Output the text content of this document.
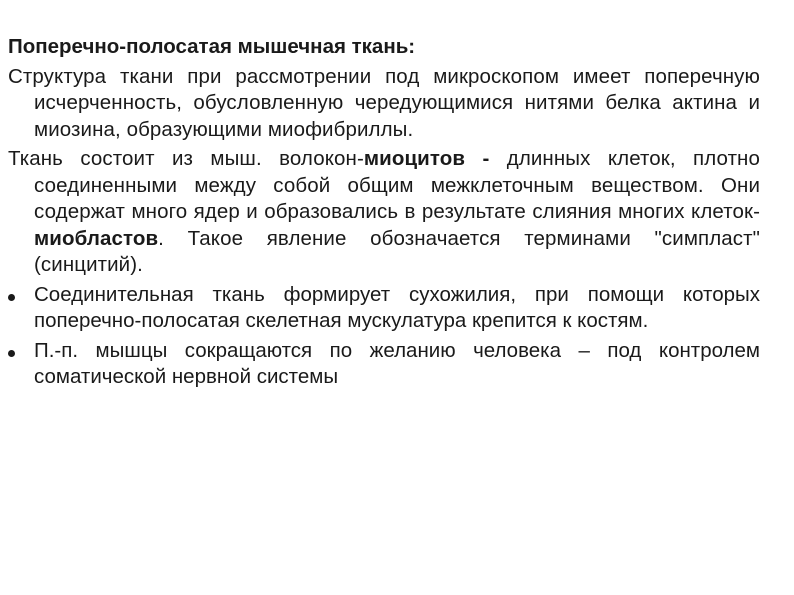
Поперечно-полосатая мышечная ткань:
Структура ткани при рассмотрении под микроскопом имеет поперечную исчерченность, обусловленную чередующимися нитями белка актина и миозина, образующими миофибриллы.
Ткань состоит из мыш. волокон-миоцитов - длинных клеток, плотно соединенными между собой общим межклеточным веществом. Они содержат много ядер и образовались в результате слияния многих клеток-миобластов. Такое явление обозначается терминами "симпласт" (синцитий).
Соединительная ткань формирует сухожилия, при помощи которых поперечно-полосатая скелетная мускулатура крепится к костям.
П.-п. мышцы сокращаются по желанию человека – под контролем соматической нервной системы
